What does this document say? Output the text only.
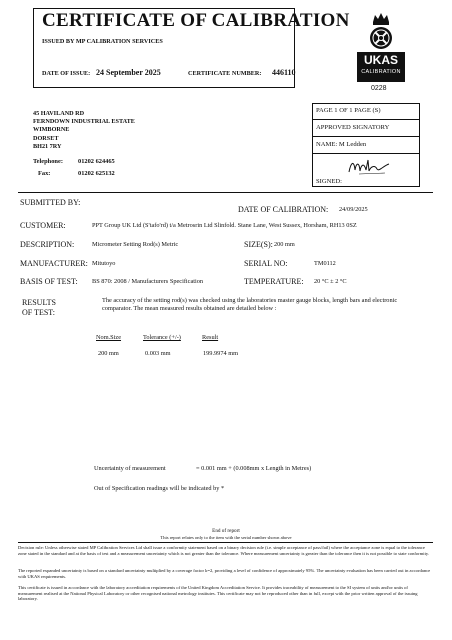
CERTIFICATE OF CALIBRATION
ISSUED BY MP CALIBRATION SERVICES
DATE OF ISSUE: 24 September 2025	CERTIFICATE NUMBER: 446110
UKAS
CALIBRATION
0228
45 HAVILAND RD
FERNDOWN INDUSTRIAL ESTATE
WIMBORNE
DORSET
BH21 7RY
Telephone: 01202 624465
Fax:	01202 625132
PAGE 1 OF 1 PAGE (S)
APPROVED SIGNATORY
NAME: M Ledden
SIGNED:
SUBMITTED BY:
DATE OF CALIBRATION: 24/09/2025
CUSTOMER:	PPT Group UK Ltd (S'tafo'rd) t/a Metrosrin Ltd Slinfold. Stane Lane, West Sussex, Horsham, RH13 0SZ
DESCRIPTION:	Micrometer Setting Rod(s) Metric	SIZE(S): 200 mm
MANUFACTURER: Mitutoyo	SERIAL NO:	TM0112
BASIS OF TEST: BS 870: 2008 / Manufacturers Specification	TEMPERATURE: 20 °C ± 2 °C
RESULTS
OF TEST:
The accuracy of the setting rod(s) was checked using the laboratories master gauge blocks, length bars and electronic comparator. The mean measured results obtained are detailed below :
Nom.Size	Tolerance (+/-)	Result
200 mm	0.003 mm	199.9974 mm
Uncertainty of measurement	= 0.001 mm + (0.008mm x Length in Metres)
Out of Specification readings will be indicated by *
End of report
This report relates only to the item with the serial number shown above
Decision rule: Unless otherwise stated MP Calibration Services Ltd shall issue a conformity statement based on a binary decision rule (i.e. simple acceptance of pass/fail) where the acceptance zone is equal to the tolerance zone stated in the standard and at the basis of test and a measurement uncertainty which is not greater than the tolerance. Where measurement uncertainty is greater than the tolerance then it is not possible to state conformity.
The reported expanded uncertainty is based on a standard uncertainty multiplied by a coverage factor k=2, providing a level of confidence of approximately 95%. The uncertainty evaluation has been carried out in accordance with UKAS requirements.
This certificate is issued in accordance with the laboratory accreditation requirements of the United Kingdom Accreditation Service. It provides traceability of measurement to the SI system of units and/or units of measurement realised at the National Physical Laboratory or other recognised national metrology institutes. This certificate may not be reproduced other than in full, except with the prior written approval of the issuing laboratory.
